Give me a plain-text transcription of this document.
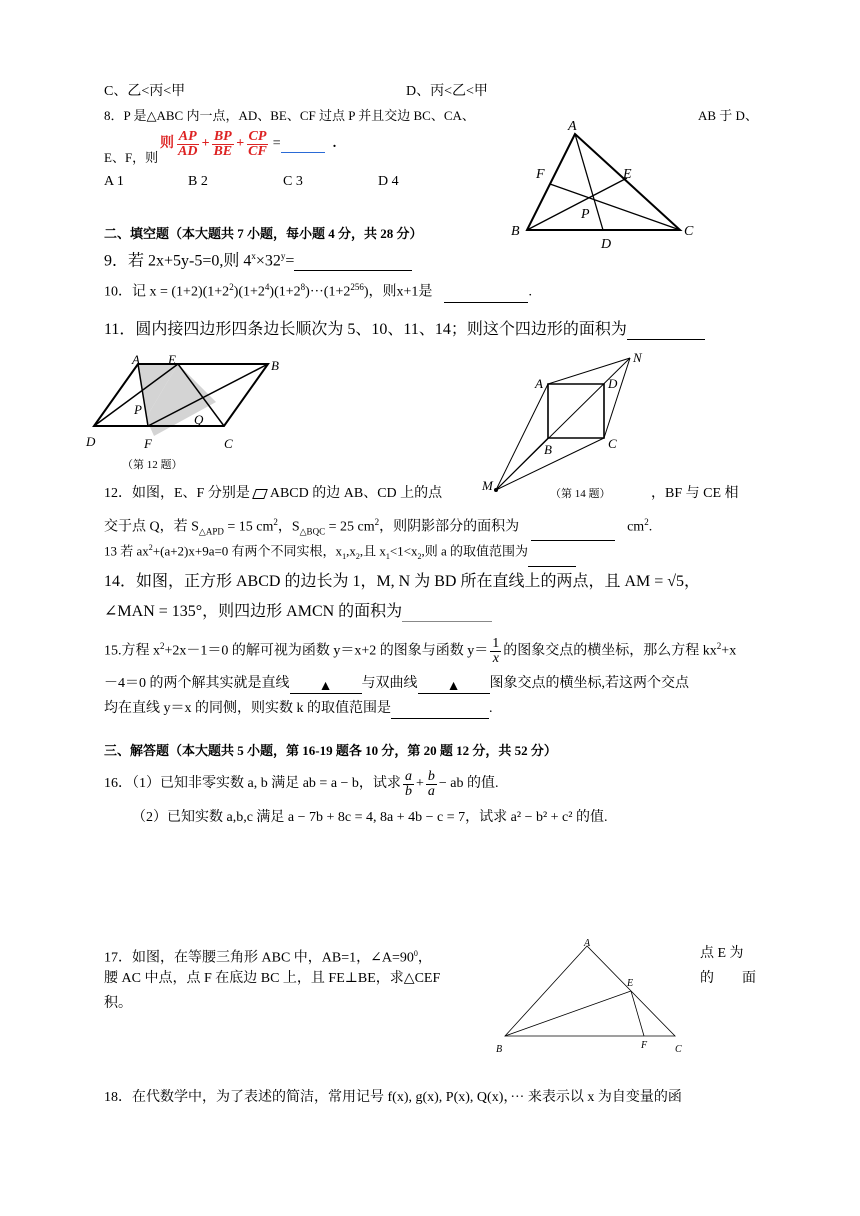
C、乙<丙<甲	D、丙<乙<甲
8．P 是△ABC 内一点，AD、BE、CF 过点 P 并且交边 BC、CA、	AB 于 D、
E、F，则
则 $\frac{AP}{AD} + \frac{BP}{BE} + \frac{CP}{CF}$ =	.
A 1	B 2	C 3	D 4
A
B	C
D
E
F
P
二、填空题（本大题共 7 小题，每小题 4 分，共 28 分）
9．若 2x+5y-5=0,则 $4^x\times 32^y=$
10．记 $x = (1+2)(1+2^2)(1+2^4)(1+2^8)\cdot\cdot\cdot(1+2^{256})$，则x+1是	.
11．圆内接四边形四条边长顺次为 5、10、11、14；则这个四边形的面积为
A E	B
P
Q
D	F	C
（第 12 题）
N
A	D
B	C
M
（第 14 题）
12．如图，E、F 分别是 ABCD 的边 AB、CD 上的点	，BF 与 CE 相
交于点 Q，若 $S_{\triangle APD} = 15$ $cm^2$，$S_{\triangle BQC} = 25$ $cm^2$，则阴影部分的面积为	$cm^2$.
13 若 $ax^2+(a+2)x+9a=0$ 有两个不同实根，$x_1,x_2$,且 $x_1<1<x_2$,则 a 的取值范围为
14．如图，正方形 ABCD 的边长为 1，M, N 为 BD 所在直线上的两点，且 AM = √5，
∠MAN = 135°，则四边形 AMCN 的面积为
15.方程 $x^2+2x-1=0$ 的解可视为函数 y＝x+2 的图象与函数 $y= \frac{1}{x}$ 的图象交点的横坐标，那么方程 $kx^2+x$
－4＝0 的两个解其实就是直线 ▲ 与双曲线 ▲ 图象交点的横坐标,若这两个交点
均在直线 y＝x 的同侧，则实数 k 的取值范围是	.
三、解答题（本大题共 5 小题，第 16-19 题各 10 分，第 20 题 12 分，共 52 分）
16．（1）已知非零实数 a, b 满足 ab = a − b，试求 $\frac{a}{b} + \frac{b}{a}$ − ab 的值.
（2）已知实数 a,b,c 满足 a − 7b + 8c = 4, 8a + 4b − c = 7，试求 a² − b² + c² 的值.
17．如图，在等腰三角形 ABC 中，AB=1，$\angle A=90^0$，	点 E 为
腰 AC 中点，点 F 在底边 BC 上，且 FE⊥BE，求△CEF	的 面
积。
A
E
B	F	C
18．在代数学中，为了表述的简洁，常用记号 f(x), g(x), P(x), Q(x)，··· 来表示以 x 为自变量的函
